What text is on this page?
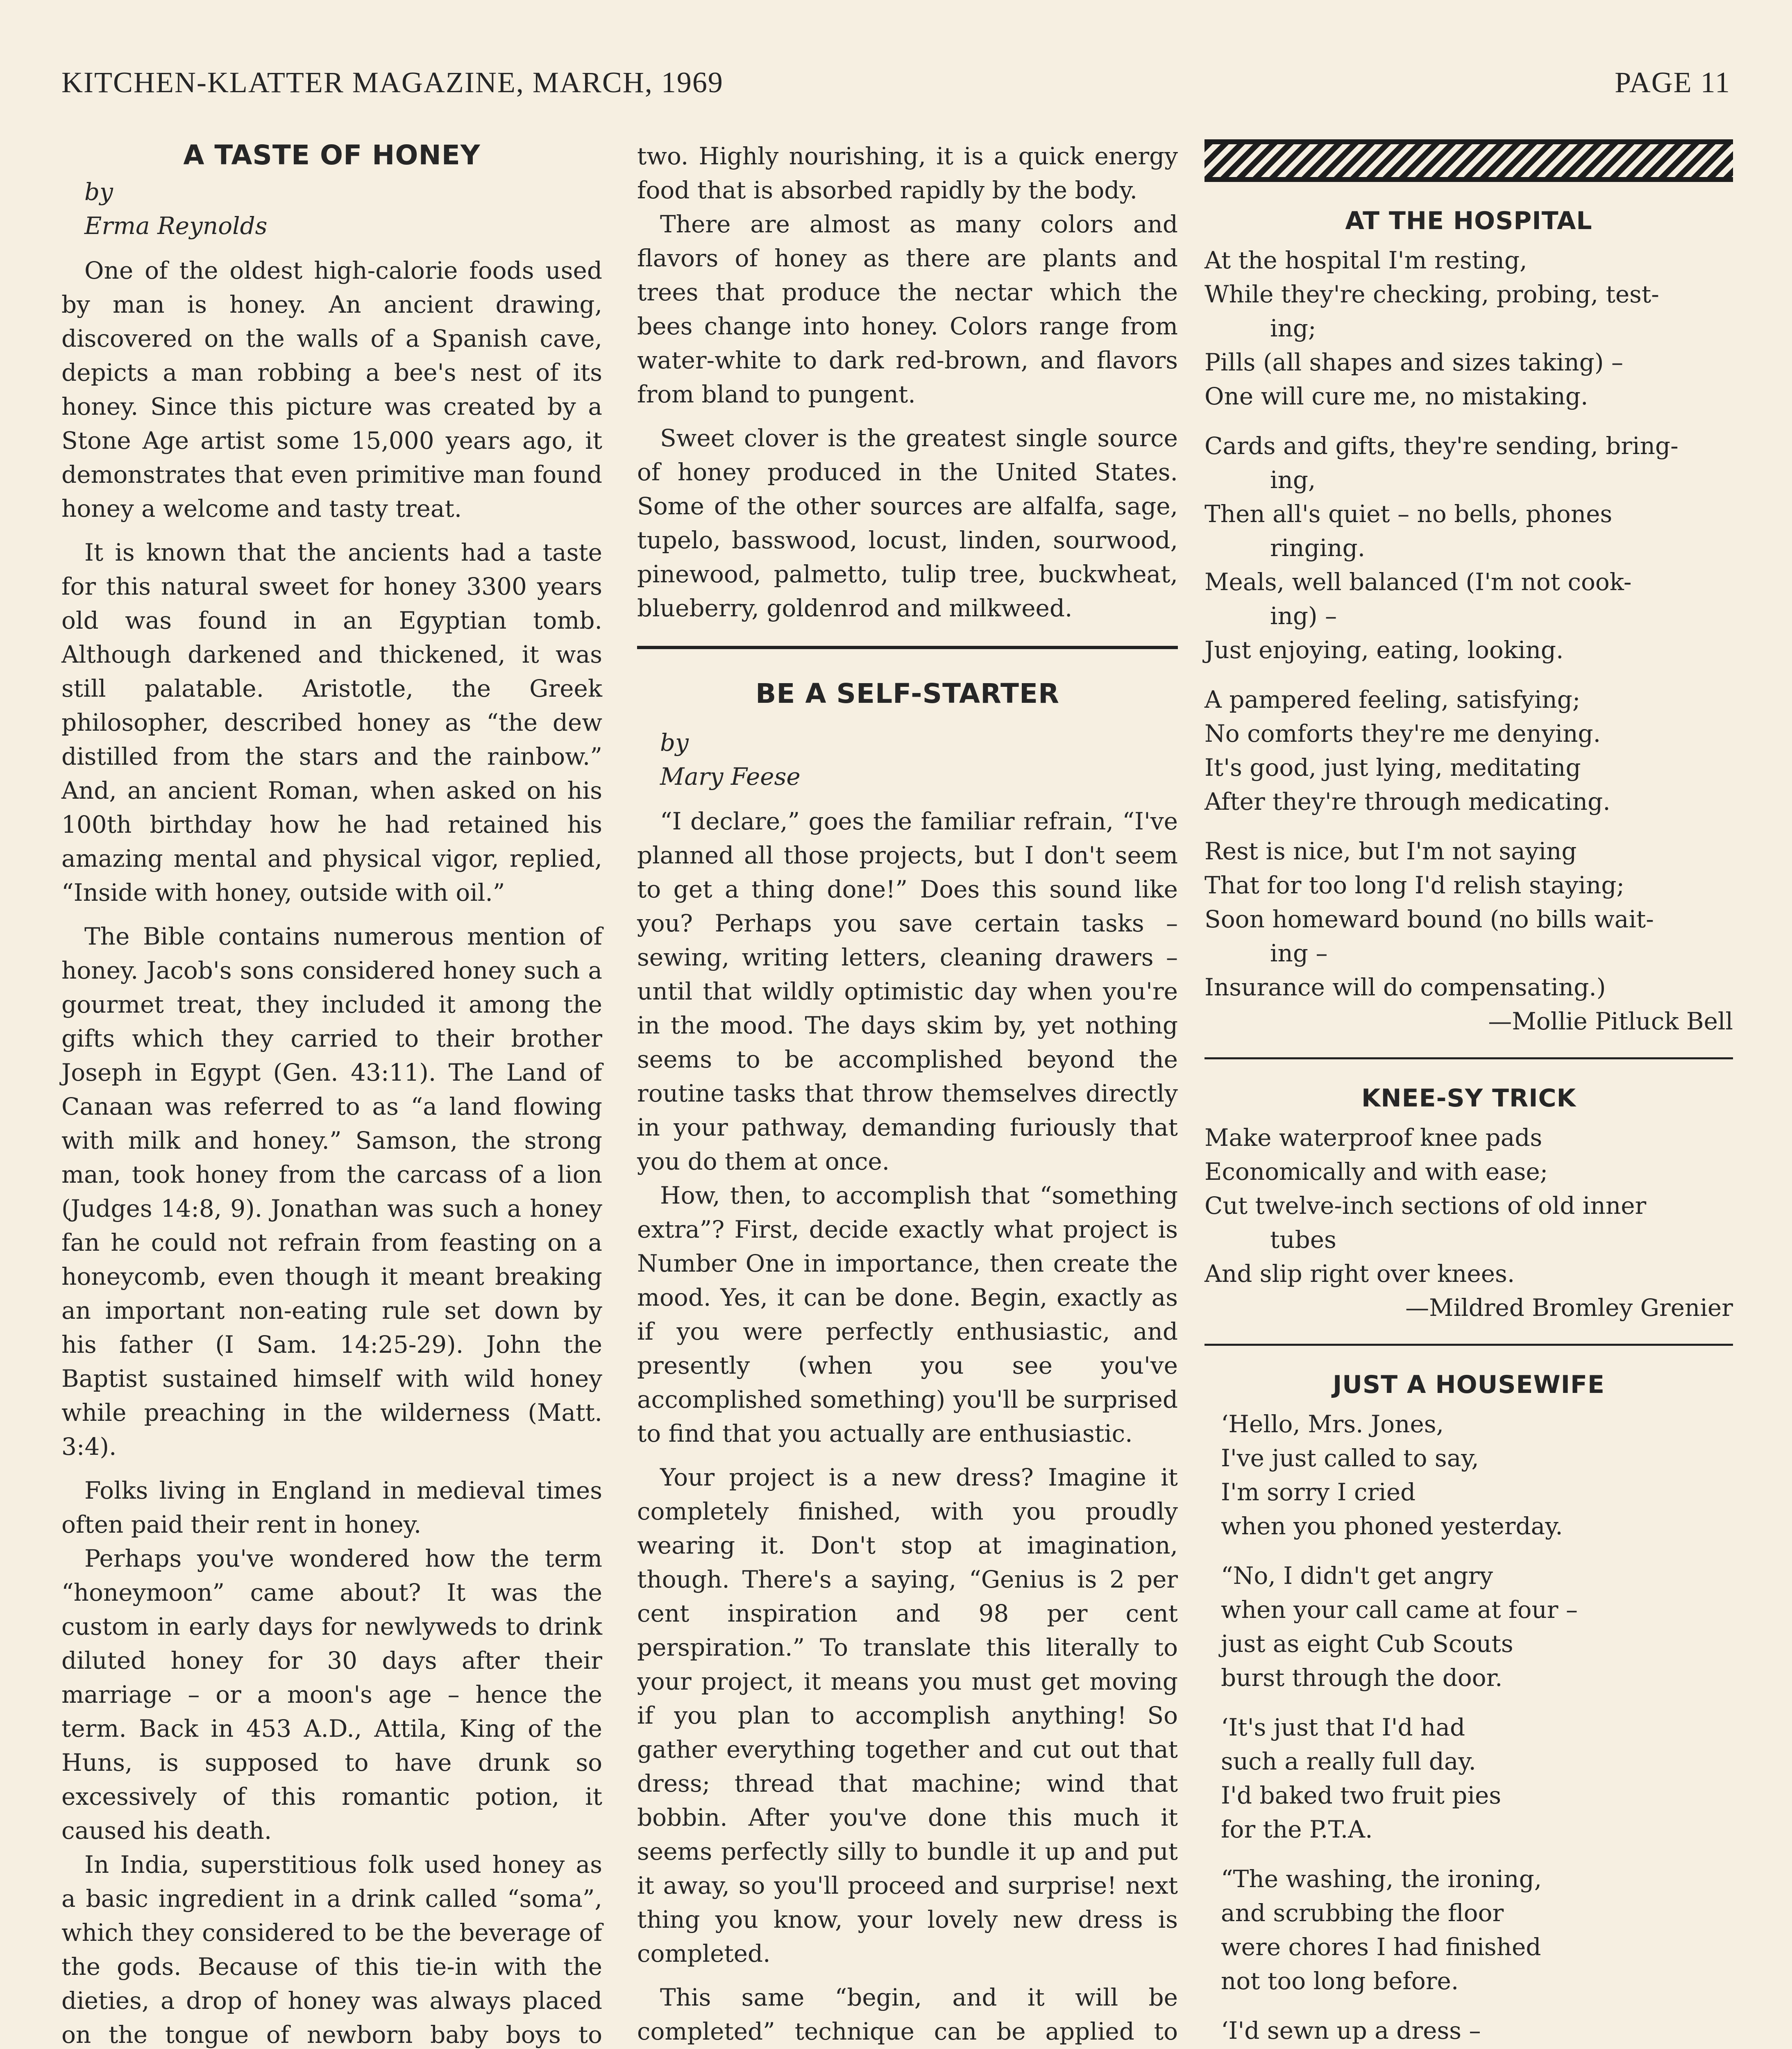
KITCHEN-KLATTER MAGAZINE, MARCH, 1969	PAGE 11
A TASTE OF HONEY

by

Erma Reynolds

One of the oldest high-calorie foods used by man is honey. An ancient drawing, discovered on the walls of a Spanish cave, depicts a man robbing a bee's nest of its honey. Since this picture was created by a Stone Age artist some 15,000 years ago, it demonstrates that even primitive man found honey a welcome and tasty treat.

It is known that the ancients had a taste for this natural sweet for honey 3300 years old was found in an Egyptian tomb. Although darkened and thickened, it was still palatable. Aristotle, the Greek philosopher, described honey as “the dew distilled from the stars and the rainbow.” And, an ancient Roman, when asked on his 100th birthday how he had retained his amazing mental and physical vigor, replied, “Inside with honey, outside with oil.”

The Bible contains numerous mention of honey. Jacob's sons considered honey such a gourmet treat, they included it among the gifts which they carried to their brother Joseph in Egypt (Gen. 43:11). The Land of Canaan was referred to as “a land flowing with milk and honey.” Samson, the strong man, took honey from the carcass of a lion (Judges 14:8, 9). Jonathan was such a honey fan he could not refrain from feasting on a honeycomb, even though it meant breaking an important non-eating rule set down by his father (I Sam. 14:25-29). John the Baptist sustained himself with wild honey while preaching in the wilderness (Matt. 3:4).

Folks living in England in medieval times often paid their rent in honey.

Perhaps you've wondered how the term “honeymoon” came about? It was the custom in early days for newlyweds to drink diluted honey for 30 days after their marriage – or a moon's age – hence the term. Back in 453 A.D., Attila, King of the Huns, is supposed to have drunk so excessively of this romantic potion, it caused his death.

In India, superstitious folk used honey as a basic ingredient in a drink called “soma”, which they considered to be the beverage of the gods. Because of this tie-in with the dieties, a drop of honey was always placed on the tongue of newborn baby boys to

two. Highly nourishing, it is a quick energy food that is absorbed rapidly by the body.

There are almost as many colors and flavors of honey as there are plants and trees that produce the nectar which the bees change into honey. Colors range from water-white to dark red-brown, and flavors from bland to pungent.

Sweet clover is the greatest single source of honey produced in the United States. Some of the other sources are alfalfa, sage, tupelo, basswood, locust, linden, sourwood, pinewood, palmetto, tulip tree, buckwheat, blueberry, goldenrod and milkweed.

BE A SELF-STARTER

by

Mary Feese

“I declare,” goes the familiar refrain, “I've planned all those projects, but I don't seem to get a thing done!” Does this sound like you? Perhaps you save certain tasks – sewing, writing letters, cleaning drawers – until that wildly optimistic day when you're in the mood. The days skim by, yet nothing seems to be accomplished beyond the routine tasks that throw themselves directly in your pathway, demanding furiously that you do them at once.

How, then, to accomplish that “something extra”? First, decide exactly what project is Number One in importance, then create the mood. Yes, it can be done. Begin, exactly as if you were perfectly enthusiastic, and presently (when you see you've accomplished something) you'll be surprised to find that you actually are enthusiastic.

Your project is a new dress? Imagine it completely finished, with you proudly wearing it. Don't stop at imagination, though. There's a saying, “Genius is 2 per cent inspiration and 98 per cent perspiration.” To translate this literally to your project, it means you must get moving if you plan to accomplish anything! So gather everything together and cut out that dress; thread that machine; wind that bobbin. After you've done this much it seems perfectly silly to bundle it up and put it away, so you'll proceed and surprise! next thing you know, your lovely new dress is completed.

This same “begin, and it will be completed” technique can be applied to

AT THE HOSPITAL
At the hospital I'm resting,
While they're checking, probing, test-
ing;
Pills (all shapes and sizes taking) –
One will cure me, no mistaking.
Cards and gifts, they're sending, bring-
ing,
Then all's quiet – no bells, phones
ringing.
Meals, well balanced (I'm not cook-
ing) –
Just enjoying, eating, looking.
A pampered feeling, satisfying;
No comforts they're me denying.
It's good, just lying, meditating
After they're through medicating.
Rest is nice, but I'm not saying
That for too long I'd relish staying;
Soon homeward bound (no bills wait-
ing –
Insurance will do compensating.)
—Mollie Pitluck Bell
KNEE-SY TRICK
Make waterproof knee pads
Economically and with ease;
Cut twelve-inch sections of old inner
tubes
And slip right over knees.
—Mildred Bromley Grenier
JUST A HOUSEWIFE
‘Hello, Mrs. Jones,
I've just called to say,
I'm sorry I cried
when you phoned yesterday.
“No, I didn't get angry
when your call came at four –
just as eight Cub Scouts
burst through the door.
‘It's just that I'd had
such a really full day.
I'd baked two fruit pies
for the P.T.A.
“The washing, the ironing,
and scrubbing the floor
were chores I had finished
not too long before.
‘I'd sewn up a dress –
